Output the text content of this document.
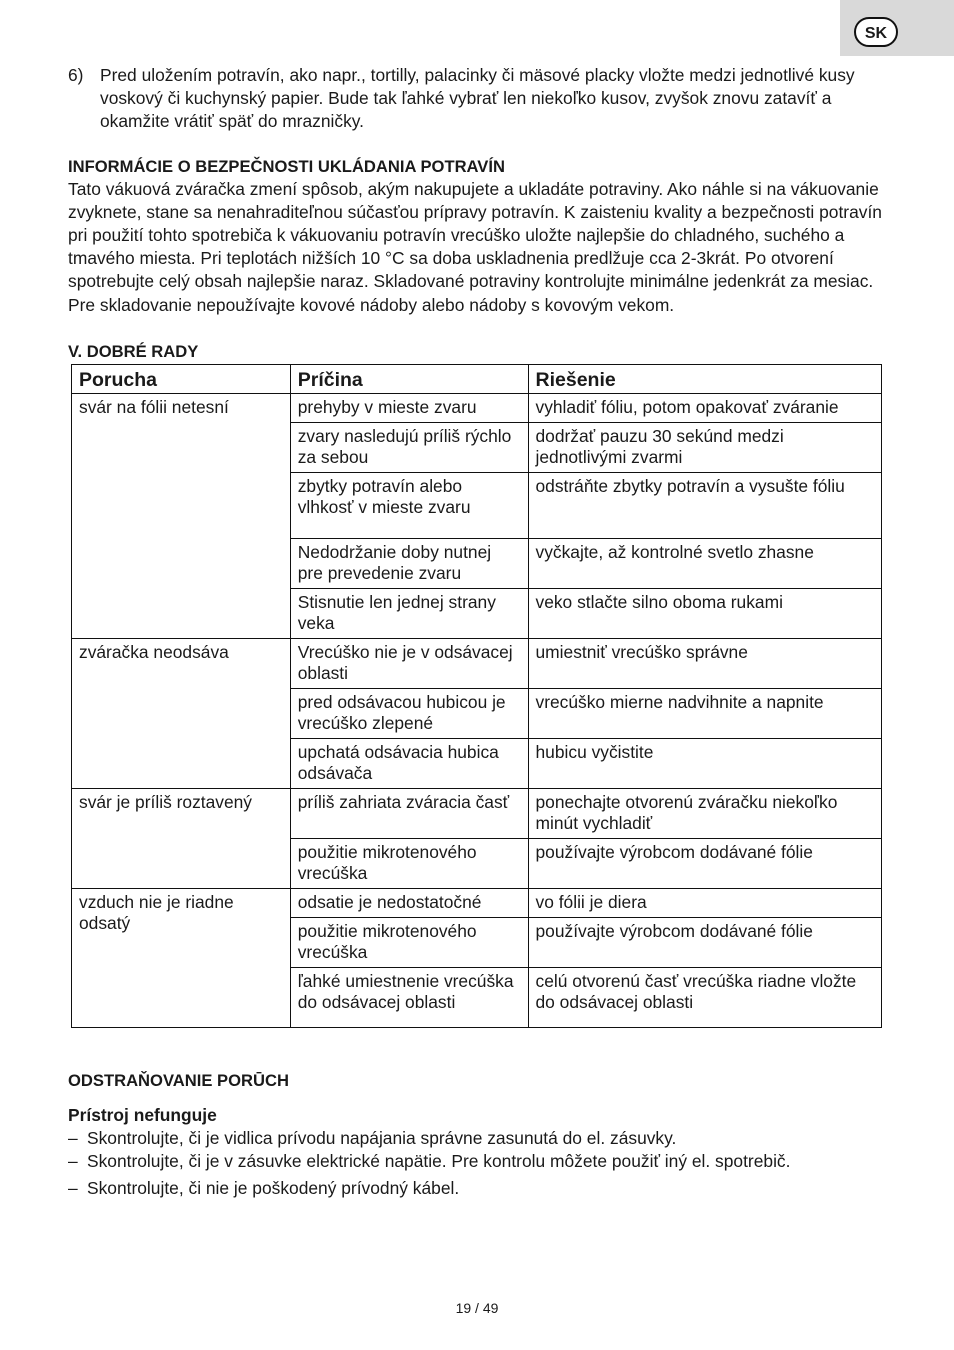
SK
6) Pred uložením potravín, ako napr., tortilly, palacinky či mäsové placky vložte medzi jednotlivé kusy voskový či kuchynský papier. Bude tak ľahké vybrať len niekoľko kusov, zvyšok znovu zatavíť a okamžite vrátiť späť do mrazničky.
INFORMÁCIE O BEZPEČNOSTI UKLÁDANIA POTRAVÍN

Tato vákuová zváračka zmení spôsob, akým nakupujete a ukladáte potraviny. Ako náhle si na vákuovanie zvyknete, stane sa nenahraditeľnou súčasťou prípravy potravín. K zaisteniu kvality a bezpečnosti potravín pri použití tohto spotrebiča k vákuovaniu potravín vrecúško uložte najlepšie do chladného, suchého a tmavého miesta. Pri teplotách nižších 10 °C sa doba uskladnenia predlžuje cca 2-3krát. Po otvorení spotrebujte celý obsah najlepšie naraz. Skladované potraviny kontrolujte minimálne jedenkrát za mesiac. Pre skladovanie nepoužívajte kovové nádoby alebo nádoby s kovovým vekom.

V. DOBRÉ RADY
Porucha	Príčina	Riešenie
svár na fólii netesní	prehyby v mieste zvaru	vyhladiť fóliu, potom opakovať zváranie
	zvary nasledujú príliš rýchlo za sebou	dodržať pauzu 30 sekúnd medzi jednotlivými zvarmi
	zbytky potravín alebo vlhkosť v mieste zvaru	odstráňte zbytky potravín a vysušte fóliu
	Nedodržanie doby nutnej pre prevedenie zvaru	vyčkajte, až kontrolné svetlo zhasne
	Stisnutie len jednej strany veka	veko stlačte silno oboma rukami
zváračka neodsáva	Vrecúško nie je v odsávacej oblasti	umiestniť vrecúško správne
	pred odsávacou hubicou je vrecúško zlepené	vrecúško mierne nadvihnite a napnite
	upchatá odsávacia hubica odsávača	hubicu vyčistite
svár je príliš roztavený	príliš zahriata zváracia časť	ponechajte otvorenú zváračku niekoľko minút vychladiť
	použitie mikrotenového vrecúška	používajte výrobcom dodávané fólie
vzduch nie je riadne odsatý	odsatie je nedostatočné	vo fólii je diera
	použitie mikrotenového vrecúška	používajte výrobcom dodávané fólie
	ľahké umiestnenie vrecúška do odsávacej oblasti	celú otvorenú časť vrecúška riadne vložte do odsávacej oblasti
ODSTRAŇOVANIE PORŪCH

Prístroj nefunguje

– Skontrolujte, či je vidlica prívodu napájania správne zasunutá do el. zásuvky.
– Skontrolujte, či je v zásuvke elektrické napätie. Pre kontrolu môžete použiť iný el. spotrebič.
– Skontrolujte, či nie je poškodený prívodný kábel.
19 / 49
